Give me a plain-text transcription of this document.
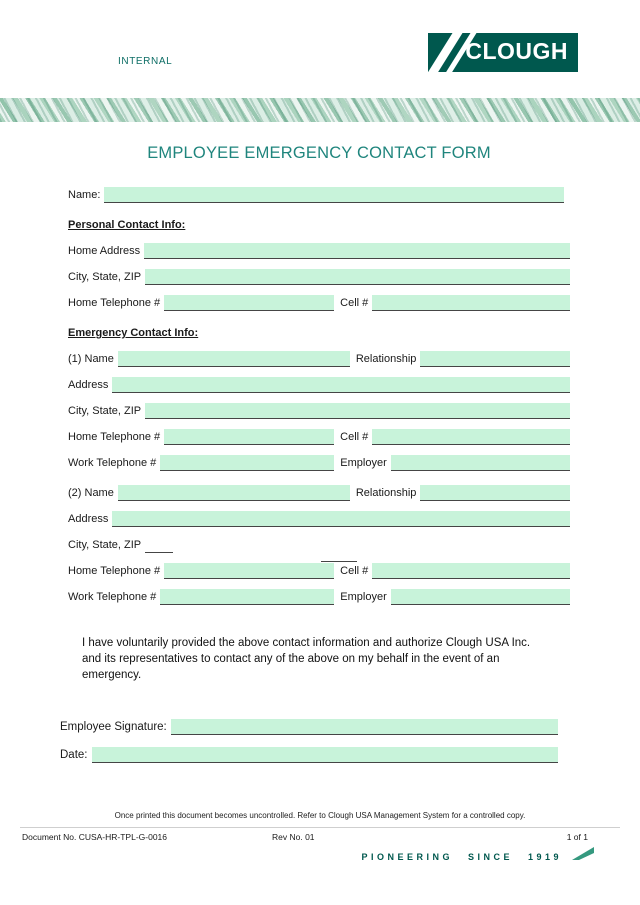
INTERNAL	CLOUGH
EMPLOYEE EMERGENCY CONTACT FORM
Name:
Personal Contact Info:
Home Address
City, State, ZIP
Home Telephone #	Cell #
Emergency Contact Info:
(1) Name	Relationship
Address
City, State, ZIP
Home Telephone #	Cell #
Work Telephone #	Employer
(2) Name	Relationship
Address
City, State, ZIP
Home Telephone #	Cell #
Work Telephone #	Employer

I have voluntarily provided the above contact information and authorize Clough USA Inc. and its representatives to contact any of the above on my behalf in the event of an emergency.

Employee Signature:
Date:
Once printed this document becomes uncontrolled. Refer to Clough USA Management System for a controlled copy.
Document No. CUSA-HR-TPL-G-0016	Rev No. 01	1 of 1
PIONEERING SINCE 1919
